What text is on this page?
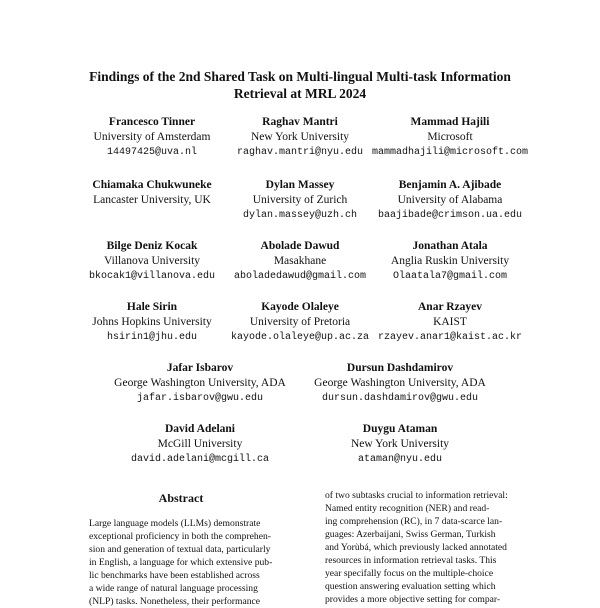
Findings of the 2nd Shared Task on Multi-lingual Multi-task Information
Retrieval at MRL 2024
Francesco Tinner
University of Amsterdam
14497425@uva.nl
Raghav Mantri
New York University
raghav.mantri@nyu.edu
Mammad Hajili
Microsoft
mammadhajili@microsoft.com
Chiamaka Chukwuneke
Lancaster University, UK
Dylan Massey
University of Zurich
dylan.massey@uzh.ch
Benjamin A. Ajibade
University of Alabama
baajibade@crimson.ua.edu
Bilge Deniz Kocak
Villanova University
bkocak1@villanova.edu
Abolade Dawud
Masakhane
aboladedawud@gmail.com
Jonathan Atala
Anglia Ruskin University
Olaatala7@gmail.com
Hale Sirin
Johns Hopkins University
hsirin1@jhu.edu
Kayode Olaleye
University of Pretoria
kayode.olaleye@up.ac.za
Anar Rzayev
KAIST
rzayev.anar1@kaist.ac.kr
Jafar Isbarov
George Washington University, ADA
jafar.isbarov@gwu.edu
Dursun Dashdamirov
George Washington University, ADA
dursun.dashdamirov@gwu.edu
David Adelani
McGill University
david.adelani@mcgill.ca
Duygu Ataman
New York University
ataman@nyu.edu
Abstract
Large language models (LLMs) demonstrate
exceptional proficiency in both the comprehen-
sion and generation of textual data, particularly
in English, a language for which extensive pub-
lic benchmarks have been established across
a wide range of natural language processing
(NLP) tasks. Nonetheless, their performance
of two subtasks crucial to information retrieval:
Named entity recognition (NER) and read-
ing comprehension (RC), in 7 data-scarce lan-
guages: Azerbaijani, Swiss German, Turkish
and Yorùbá, which previously lacked annotated
resources in information retrieval tasks. This
year specifally focus on the multiple-choice
question answering evaluation setting which
provides a more objective setting for compar-
